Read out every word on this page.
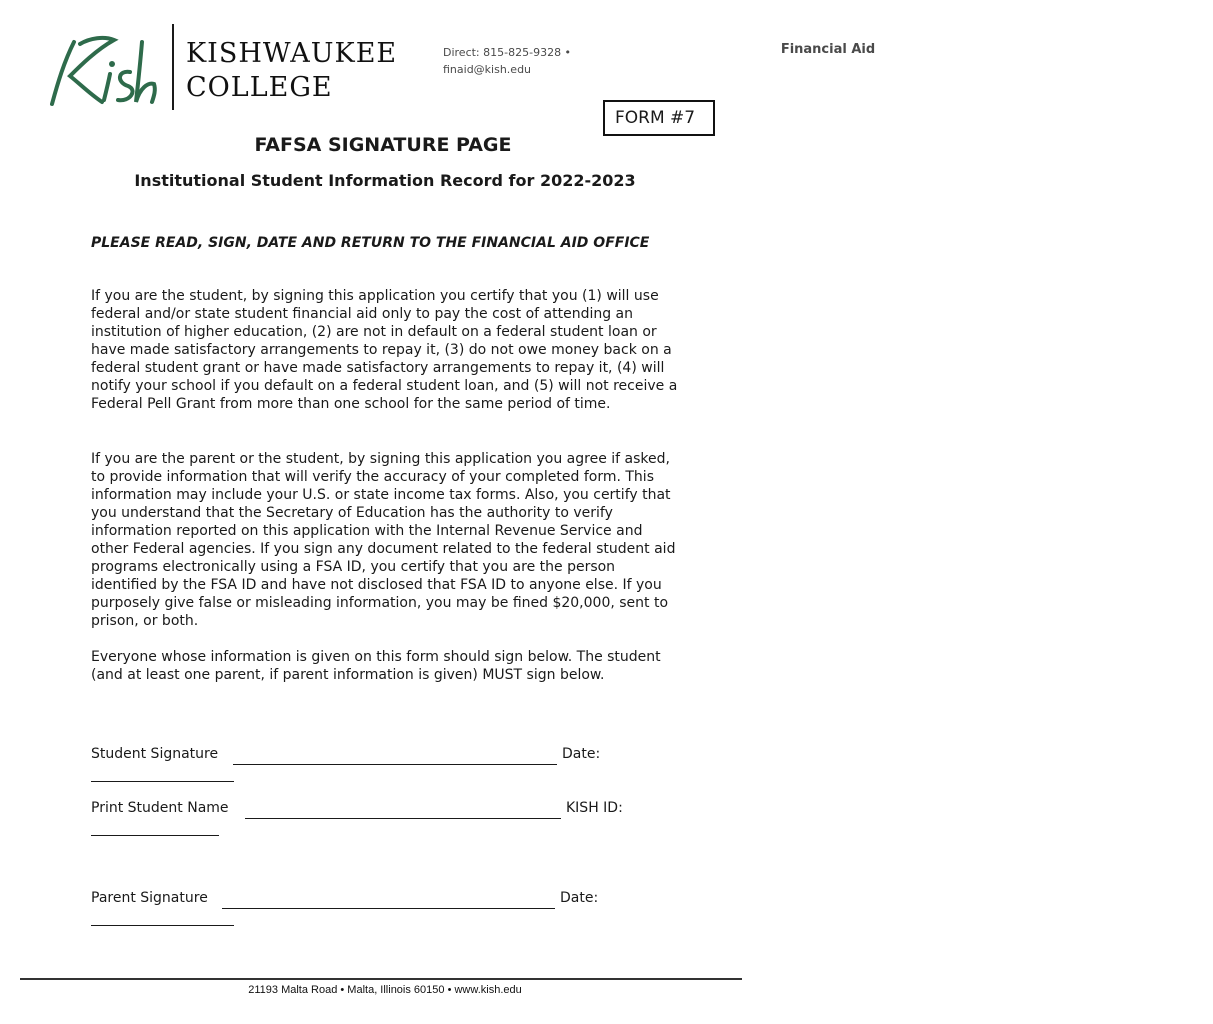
KISHWAUKEE
COLLEGE
Financial Aid
Direct: 815-825-9328 •
finaid@kish.edu
FORM #7
FAFSA SIGNATURE PAGE
Institutional Student Information Record for 2022-2023
PLEASE READ, SIGN, DATE AND RETURN TO THE FINANCIAL AID OFFICE

If you are the student, by signing this application you certify that you (1) will use federal and/or state student financial aid only to pay the cost of attending an institution of higher education, (2) are not in default on a federal student loan or have made satisfactory arrangements to repay it, (3) do not owe money back on a federal student grant or have made satisfactory arrangements to repay it, (4) will notify your school if you default on a federal student loan, and (5) will not receive a Federal Pell Grant from more than one school for the same period of time.

If you are the parent or the student, by signing this application you agree if asked, to provide information that will verify the accuracy of your completed form. This information may include your U.S. or state income tax forms. Also, you certify that you understand that the Secretary of Education has the authority to verify information reported on this application with the Internal Revenue Service and other Federal agencies. If you sign any document related to the federal student aid programs electronically using a FSA ID, you certify that you are the person identified by the FSA ID and have not disclosed that FSA ID to anyone else. If you purposely give false or misleading information, you may be fined $20,000, sent to prison, or both.

Everyone whose information is given on this form should sign below. The student (and at least one parent, if parent information is given) MUST sign below.

Student Signature	Date:
Print Student Name	KISH ID:
Parent Signature	Date:
21193 Malta Road • Malta, Illinois 60150 • www.kish.edu
